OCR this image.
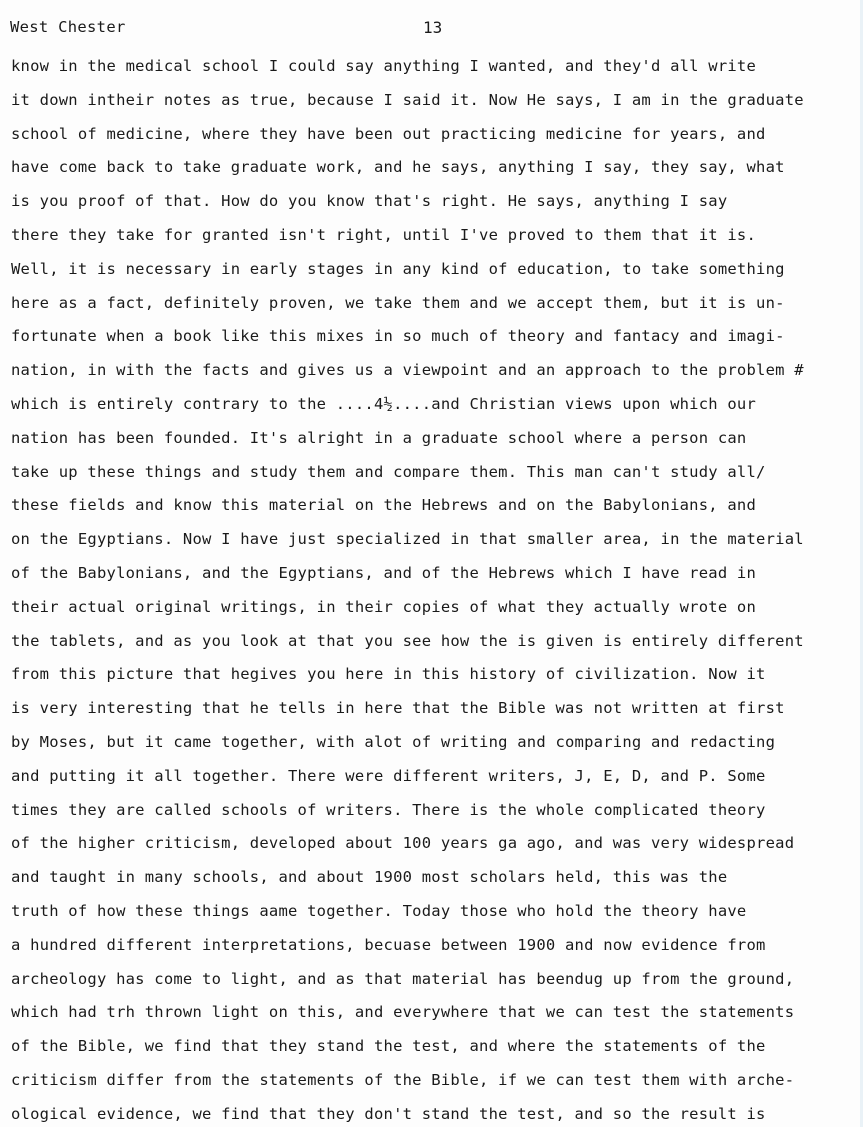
West Chester	13
know in the medical school I could say anything I wanted, and they'd all write
it down intheir notes as true, because I said it. Now He says, I am in the graduate
school of medicine, where they have been out practicing medicine for years, and
have come back to take graduate work, and he says, anything I say, they say, what
is you proof of that. How do you know that's right. He says, anything I say
there they take for granted isn't right, until I've proved to them that it is.
Well, it is necessary in early stages in any kind of education, to take something
here as a fact, definitely proven, we take them and we accept them, but it is un-
fortunate when a book like this mixes in so much of theory and fantacy and imagi-
nation, in with the facts and gives us a viewpoint and an approach to the problem #
which is entirely contrary to the ....4½....and Christian views upon which our
nation has been founded. It's alright in a graduate school where a person can
take up these things and study them and compare them. This man can't study all/
these fields and know this material on the Hebrews and on the Babylonians, and
on the Egyptians. Now I have just specialized in that smaller area, in the material
of the Babylonians, and the Egyptians, and of the Hebrews which I have read in
their actual original writings, in their copies of what they actually wrote on
the tablets, and as you look at that you see how the is given is entirely different
from this picture that hegives you here in this history of civilization. Now it
is very interesting that he tells in here that the Bible was not written at first
by Moses, but it came together, with alot of writing and comparing and redacting
and putting it all together. There were different writers, J, E, D, and P. Some
times they are called schools of writers. There is the whole complicated theory
of the higher criticism, developed about 100 years ga ago, and was very widespread
and taught in many schools, and about 1900 most scholars held, this was the
truth of how these things aame together. Today those who hold the theory have
a hundred different interpretations, becuase between 1900 and now evidence from
archeology has come to light, and as that material has beendug up from the ground,
which had trh thrown light on this, and everywhere that we can test the statements
of the Bible, we find that they stand the test, and where the statements of the
criticism differ from the statements of the Bible, if we can test them with arche-
ological evidence, we find that they don't stand the test, and so the result is
